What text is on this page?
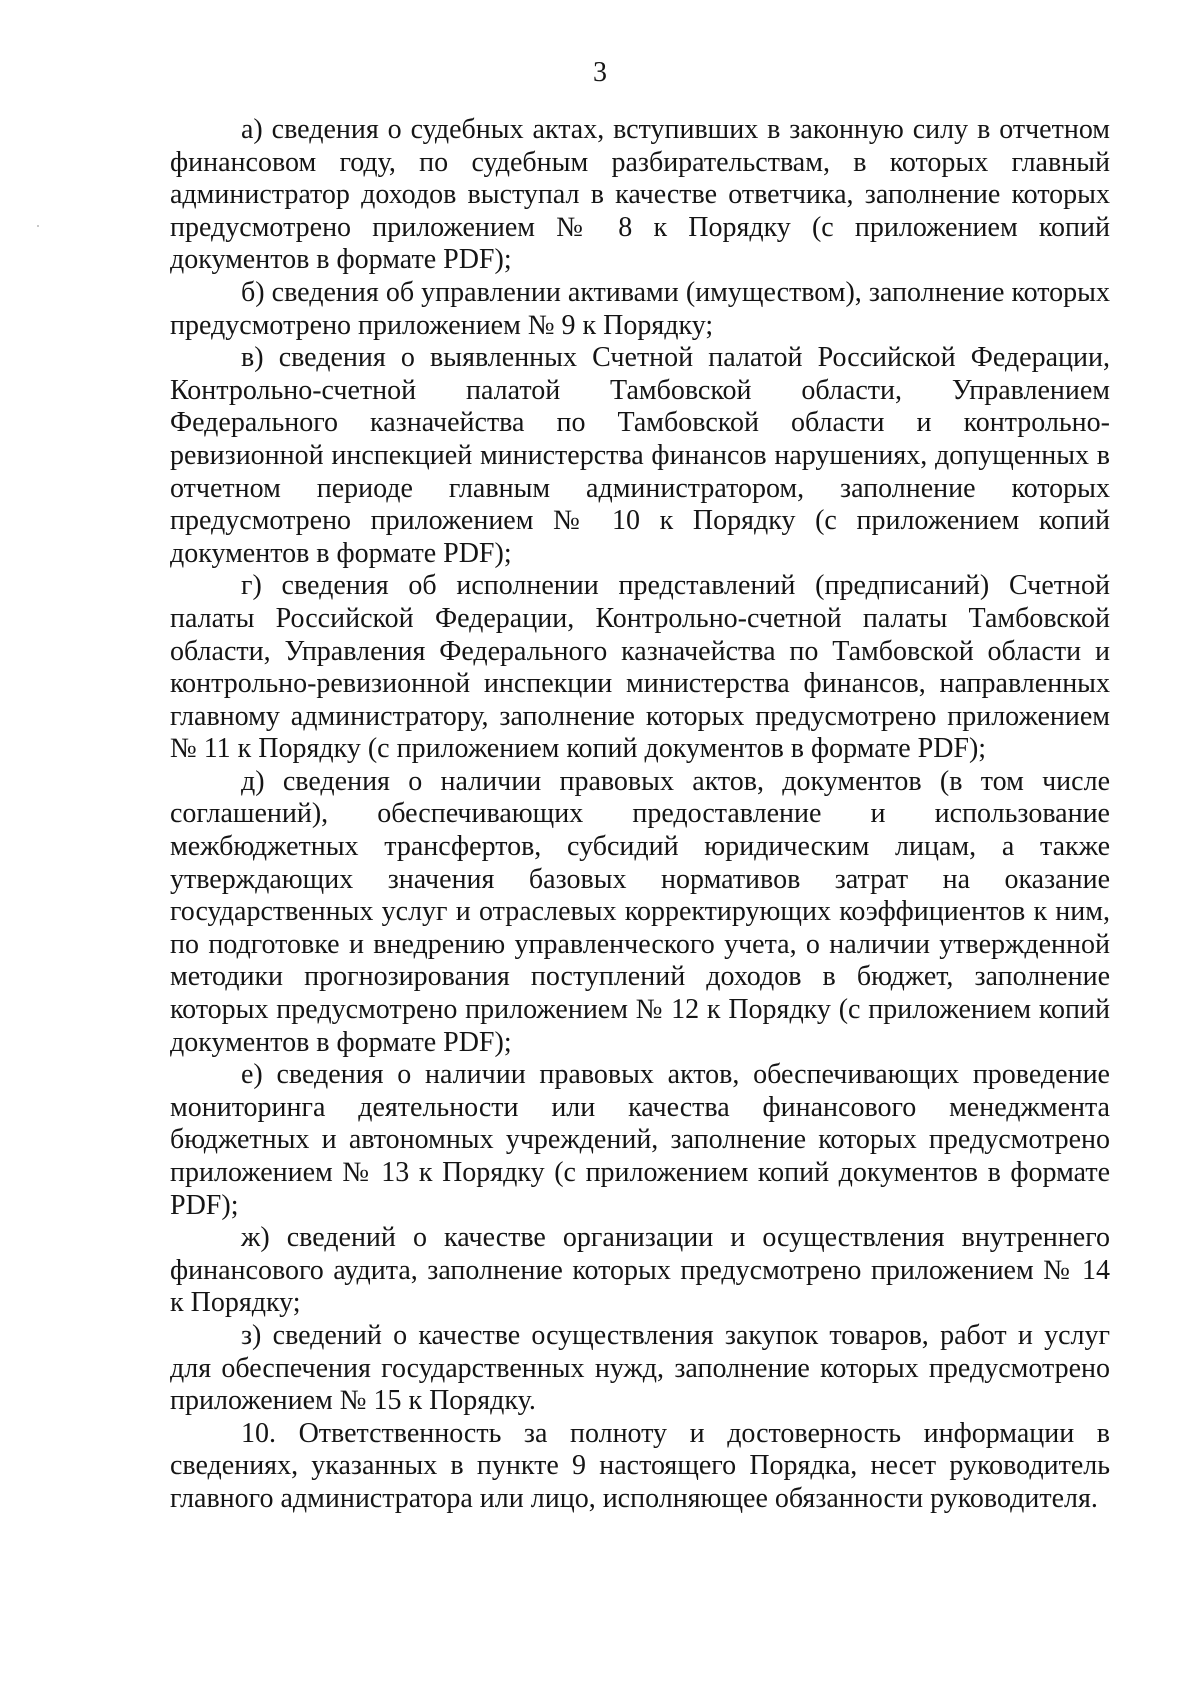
3

а) сведения о судебных актах, вступивших в законную силу в отчетном финансовом году, по судебным разбирательствам, в которых главный администратор доходов выступал в качестве ответчика, заполнение которых предусмотрено приложением № 8 к Порядку (с приложением копий документов в формате PDF);

б) сведения об управлении активами (имуществом), заполнение которых предусмотрено приложением № 9 к Порядку;

в) сведения о выявленных Счетной палатой Российской Федерации, Контрольно-счетной палатой Тамбовской области, Управлением Федерального казначейства по Тамбовской области и контрольно-ревизионной инспекцией министерства финансов нарушениях, допущенных в отчетном периоде главным администратором, заполнение которых предусмотрено приложением № 10 к Порядку (с приложением копий документов в формате PDF);

г) сведения об исполнении представлений (предписаний) Счетной палаты Российской Федерации, Контрольно-счетной палаты Тамбовской области, Управления Федерального казначейства по Тамбовской области и контрольно-ревизионной инспекции министерства финансов, направленных главному администратору, заполнение которых предусмотрено приложением № 11 к Порядку (с приложением копий документов в формате PDF);

д) сведения о наличии правовых актов, документов (в том числе соглашений), обеспечивающих предоставление и использование межбюджетных трансфертов, субсидий юридическим лицам, а также утверждающих значения базовых нормативов затрат на оказание государственных услуг и отраслевых корректирующих коэффициентов к ним, по подготовке и внедрению управленческого учета, о наличии утвержденной методики прогнозирования поступлений доходов в бюджет, заполнение которых предусмотрено приложением № 12 к Порядку (с приложением копий документов в формате PDF);

е) сведения о наличии правовых актов, обеспечивающих проведение мониторинга деятельности или качества финансового менеджмента бюджетных и автономных учреждений, заполнение которых предусмотрено приложением № 13 к Порядку (с приложением копий документов в формате PDF);

ж) сведений о качестве организации и осуществления внутреннего финансового аудита, заполнение которых предусмотрено приложением № 14 к Порядку;

з) сведений о качестве осуществления закупок товаров, работ и услуг для обеспечения государственных нужд, заполнение которых предусмотрено приложением № 15 к Порядку.

10. Ответственность за полноту и достоверность информации в сведениях, указанных в пункте 9 настоящего Порядка, несет руководитель главного администратора или лицо, исполняющее обязанности руководителя.
